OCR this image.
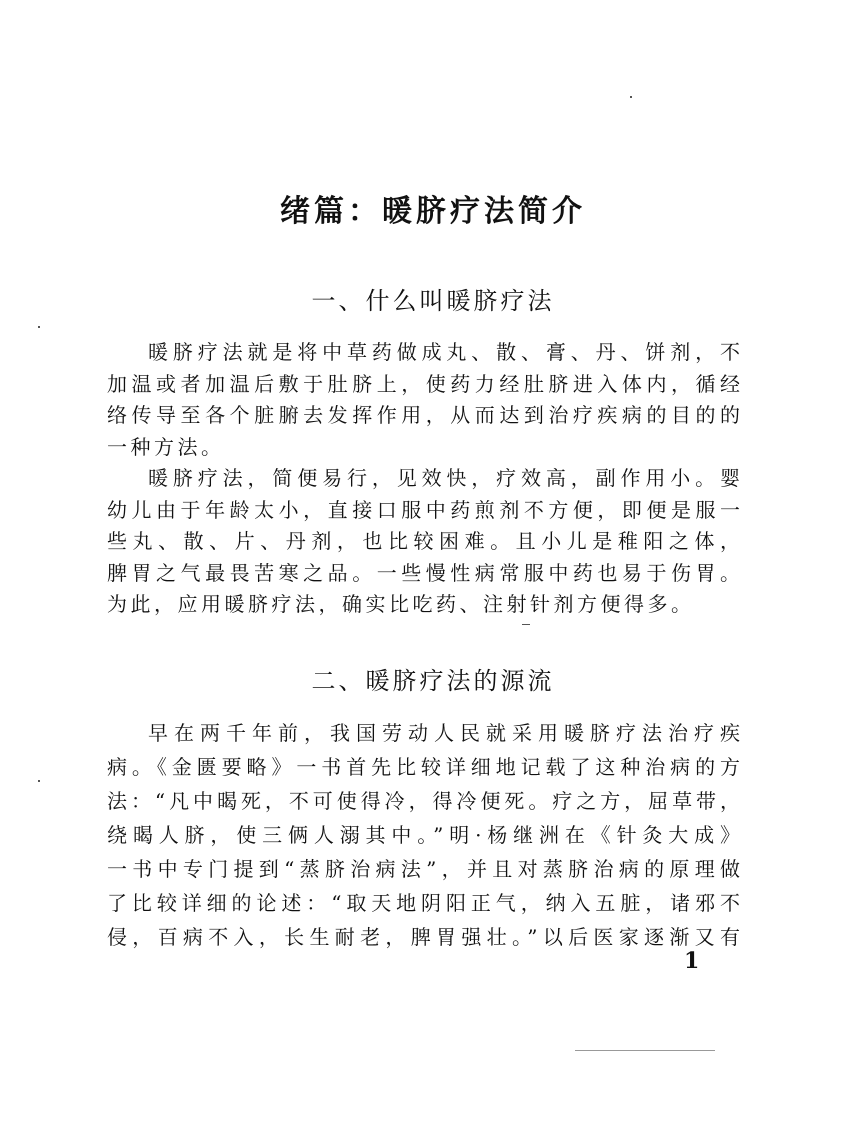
绪篇：暖脐疗法简介
一、什么叫暖脐疗法
暖脐疗法就是将中草药做成丸、散、膏、丹、饼剂，不
加温或者加温后敷于肚脐上，使药力经肚脐进入体内，循经
络传导至各个脏腑去发挥作用，从而达到治疗疾病的目的的
一种方法。
暖脐疗法，简便易行，见效快，疗效高，副作用小。婴
幼儿由于年龄太小，直接口服中药煎剂不方便，即便是服一
些丸、散、片、丹剂，也比较困难。且小儿是稚阳之体，
脾胃之气最畏苦寒之品。一些慢性病常服中药也易于伤胃。
为此，应用暖脐疗法，确实比吃药、注射针剂方便得多。
二、暖脐疗法的源流
早在两千年前，我国劳动人民就采用暖脐疗法治疗疾
病。《金匮要略》一书首先比较详细地记载了这种治病的方
法：“凡中暍死，不可使得冷，得冷便死。疗之方，屈草带，
绕暍人脐，使三俩人溺其中。”明·杨继洲在《针灸大成》
一书中专门提到“蒸脐治病法”，并且对蒸脐治病的原理做
了比较详细的论述：“取天地阴阳正气，纳入五脏，诸邪不
侵，百病不入，长生耐老，脾胃强壮。”以后医家逐渐又有
1
